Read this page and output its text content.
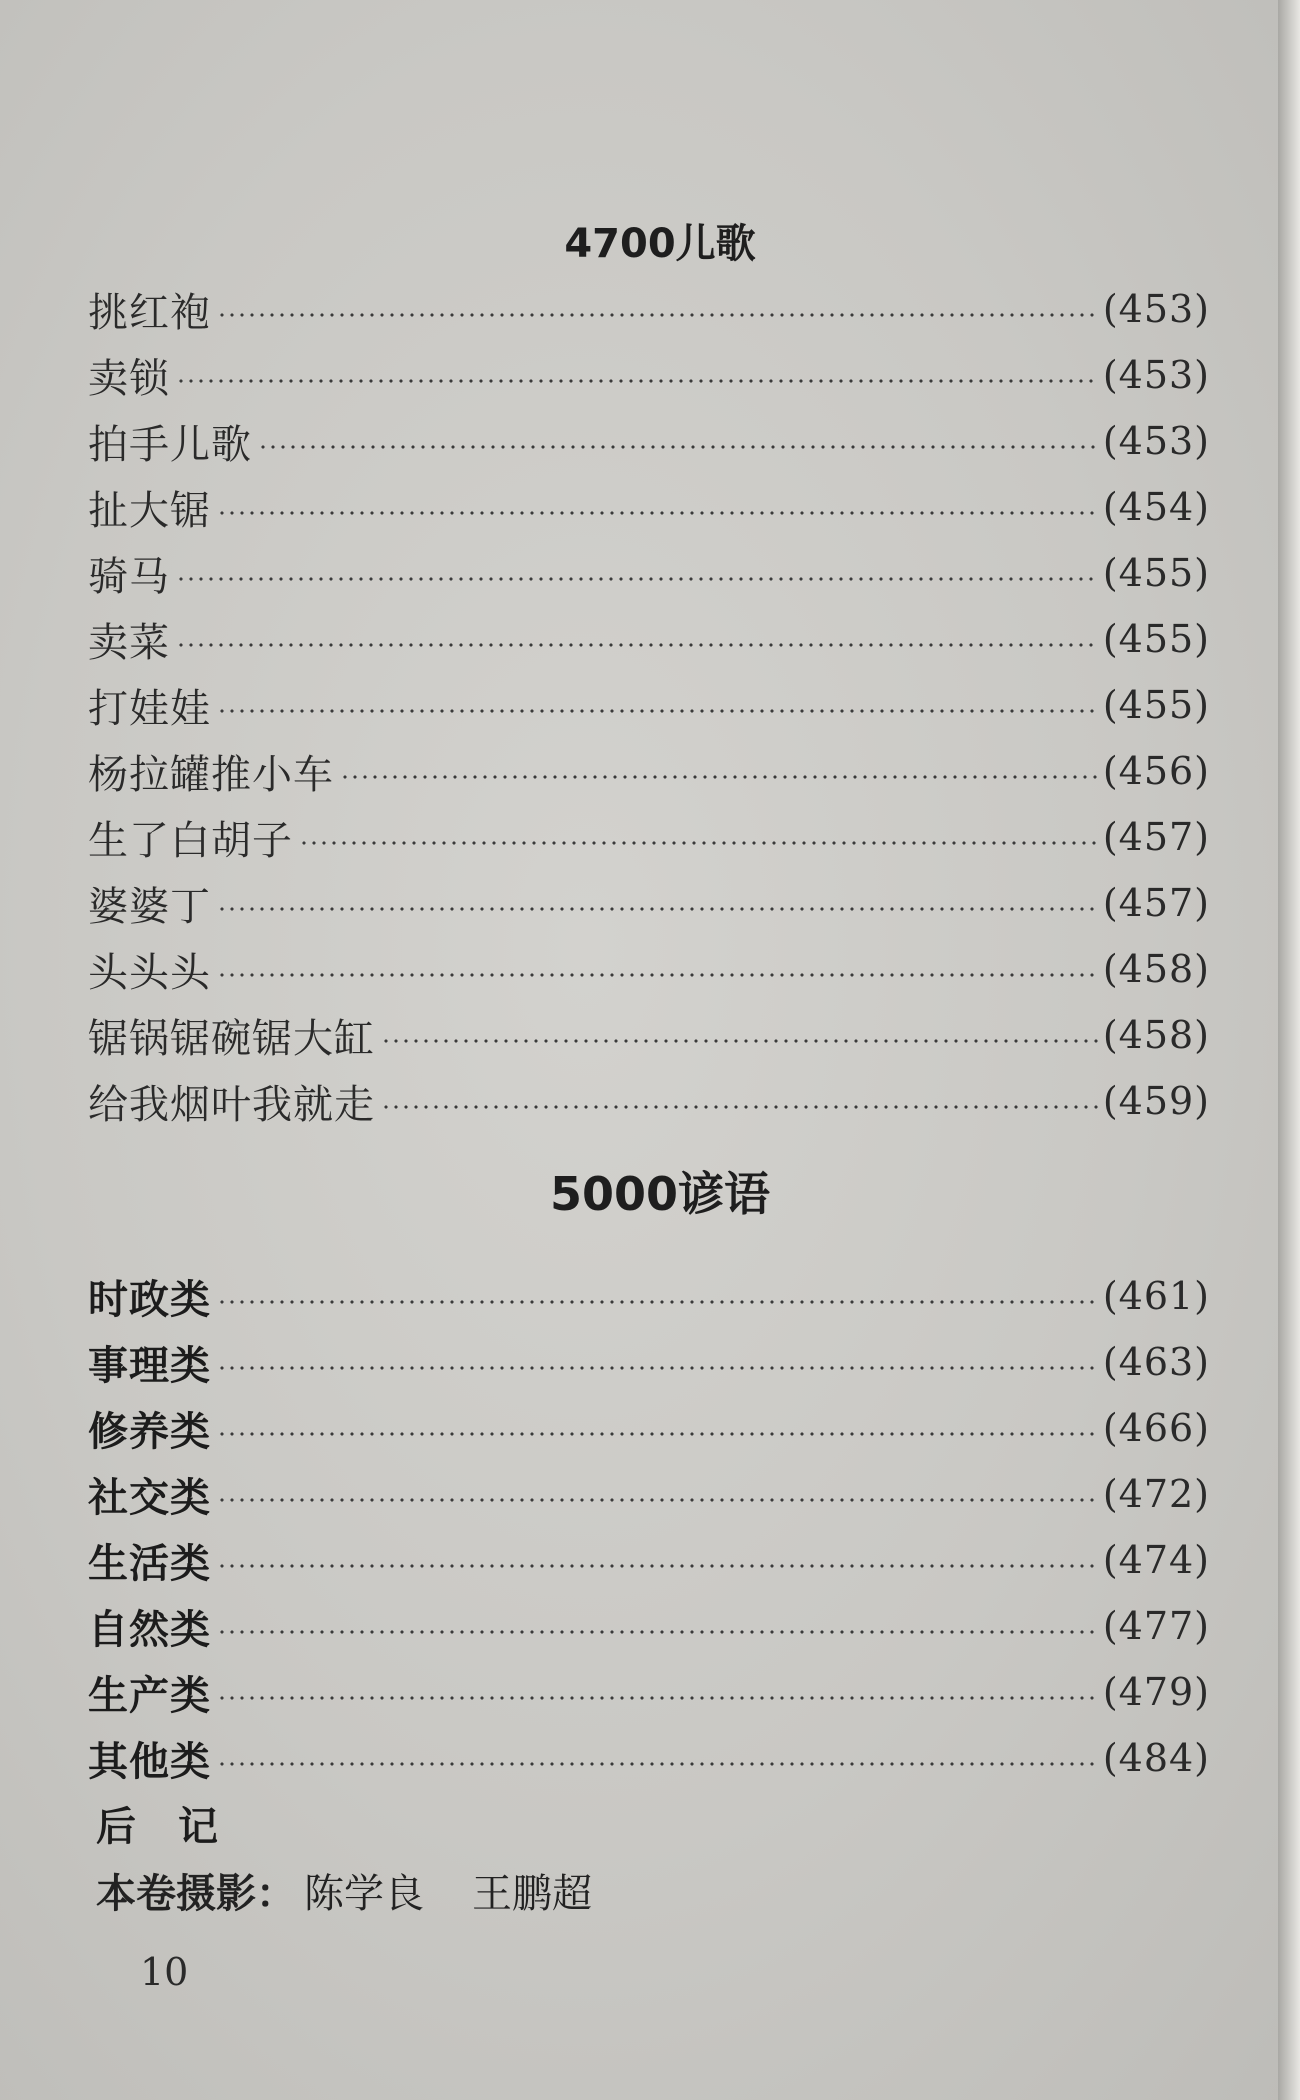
4700儿歌
挑红袍	(453)
卖锁	(453)
拍手儿歌	(453)
扯大锯	(454)
骑马	(455)
卖菜	(455)
打娃娃	(455)
杨拉罐推小车	(456)
生了白胡子	(457)
婆婆丁	(457)
头头头	(458)
锯锅锯碗锯大缸	(458)
给我烟叶我就走	(459)
5000谚语
时政类	(461)
事理类	(463)
修养类	(466)
社交类	(472)
生活类	(474)
自然类	(477)
生产类	(479)
其他类	(484)
后　记
本卷摄影： 陈学良 王鹏超
10
